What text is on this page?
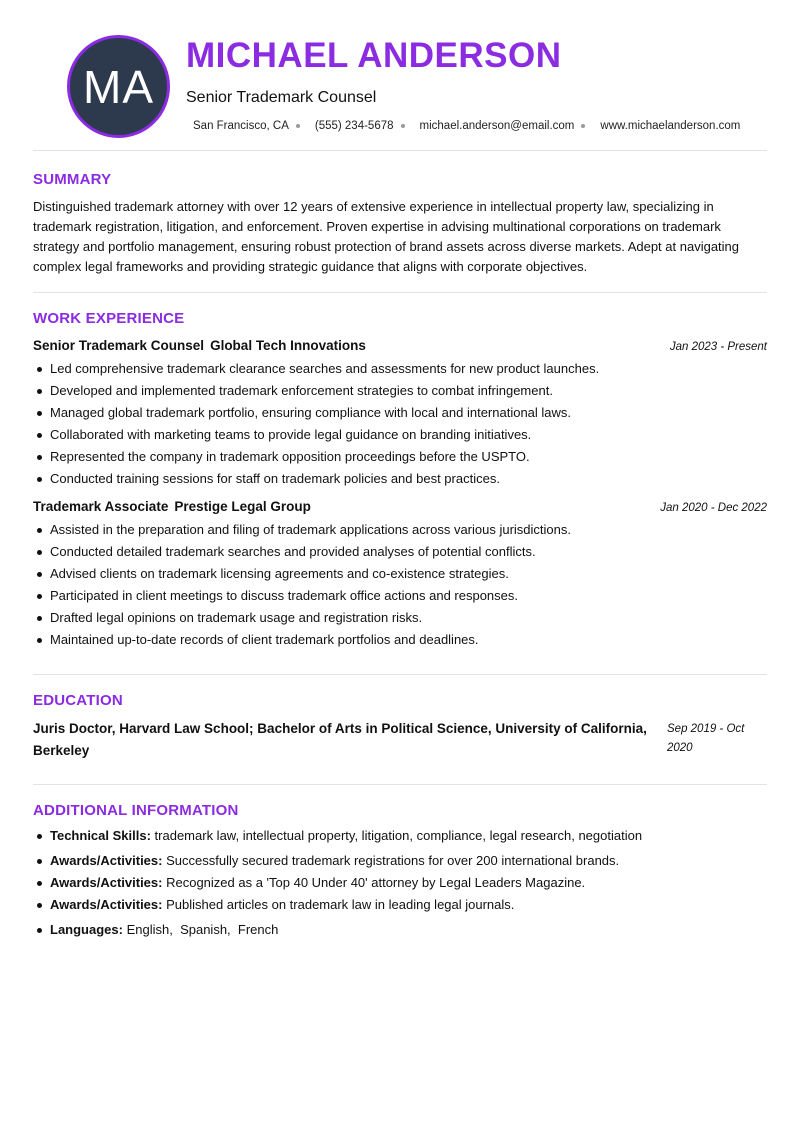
MA
MICHAEL ANDERSON
Senior Trademark Counsel
San Francisco, CA (555) 234-5678 michael.anderson@email.com www.michaelanderson.com
SUMMARY

Distinguished trademark attorney with over 12 years of extensive experience in intellectual property law, specializing in trademark registration, litigation, and enforcement. Proven expertise in advising multinational corporations on trademark strategy and portfolio management, ensuring robust protection of brand assets across diverse markets. Adept at navigating complex legal frameworks and providing strategic guidance that aligns with corporate objectives.

WORK EXPERIENCE
Senior Trademark Counsel Global Tech Innovations	Jan 2023 - Present
Led comprehensive trademark clearance searches and assessments for new product launches.
Developed and implemented trademark enforcement strategies to combat infringement.
Managed global trademark portfolio, ensuring compliance with local and international laws.
Collaborated with marketing teams to provide legal guidance on branding initiatives.
Represented the company in trademark opposition proceedings before the USPTO.
Conducted training sessions for staff on trademark policies and best practices.
Trademark Associate Prestige Legal Group	Jan 2020 - Dec 2022
Assisted in the preparation and filing of trademark applications across various jurisdictions.
Conducted detailed trademark searches and provided analyses of potential conflicts.
Advised clients on trademark licensing agreements and co-existence strategies.
Participated in client meetings to discuss trademark office actions and responses.
Drafted legal opinions on trademark usage and registration risks.
Maintained up-to-date records of client trademark portfolios and deadlines.
EDUCATION
Juris Doctor, Harvard Law School; Bachelor of Arts in Political Science, University of California, Berkeley
Sep 2019 - Oct 2020
ADDITIONAL INFORMATION
Technical Skills: trademark law, intellectual property, litigation, compliance, legal research, negotiation
Awards/Activities: Successfully secured trademark registrations for over 200 international brands.
Awards/Activities: Recognized as a 'Top 40 Under 40' attorney by Legal Leaders Magazine.
Awards/Activities: Published articles on trademark law in leading legal journals.
Languages: English,  Spanish,  French
